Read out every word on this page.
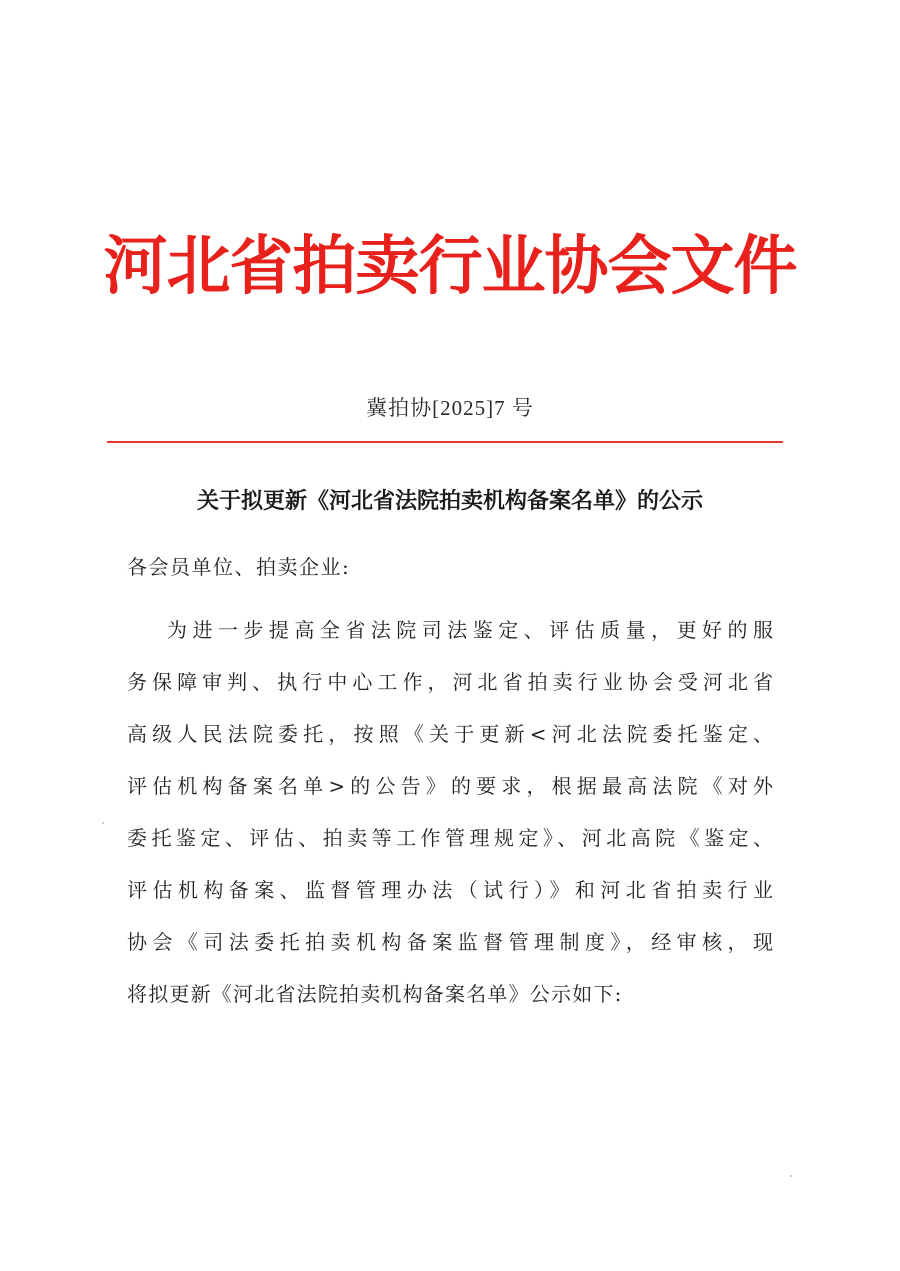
河北省拍卖行业协会文件
冀拍协[2025]7 号
关于拟更新《河北省法院拍卖机构备案名单》的公示
各会员单位、拍卖企业:
为进一步提高全省法院司法鉴定、评估质量，更好的服
务保障审判、执行中心工作，河北省拍卖行业协会受河北省
高级人民法院委托，按照《关于更新<河北法院委托鉴定、
评估机构备案名单>的公告》的要求，根据最高法院《对外
委托鉴定、评估、拍卖等工作管理规定》、河北高院《鉴定、
评估机构备案、监督管理办法（试行）》和河北省拍卖行业
协会《司法委托拍卖机构备案监督管理制度》，经审核，现
将拟更新《河北省法院拍卖机构备案名单》公示如下:
